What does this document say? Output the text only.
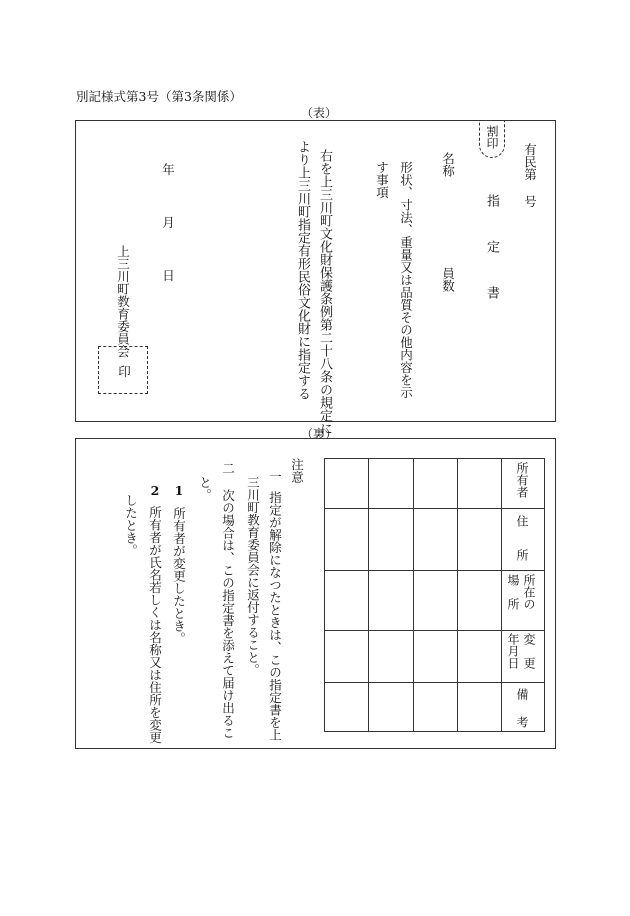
別記様式第3号（第3条関係）
（表）
割印
有民第
号
指　定　書
名称
員数
形状、寸法、重量又は品質その他内容を示
す事項
右を上三川町文化財保護条例第二十八条の規定に
より上三川町指定有形民俗文化財に指定する
年　月　日
上三川町教育委員会
印
（裏）
所有者
住
所
所在の
場　所
変　更
年月日
備　考
注意
一
指定が解除になつたときは、この指定書を上
三川町教育委員会に返付すること。
二
次の場合は、この指定書を添えて届け出るこ
と。
1
所有者が変更したとき。
2
所有者が氏名若しくは名称又は住所を変更
したとき。
